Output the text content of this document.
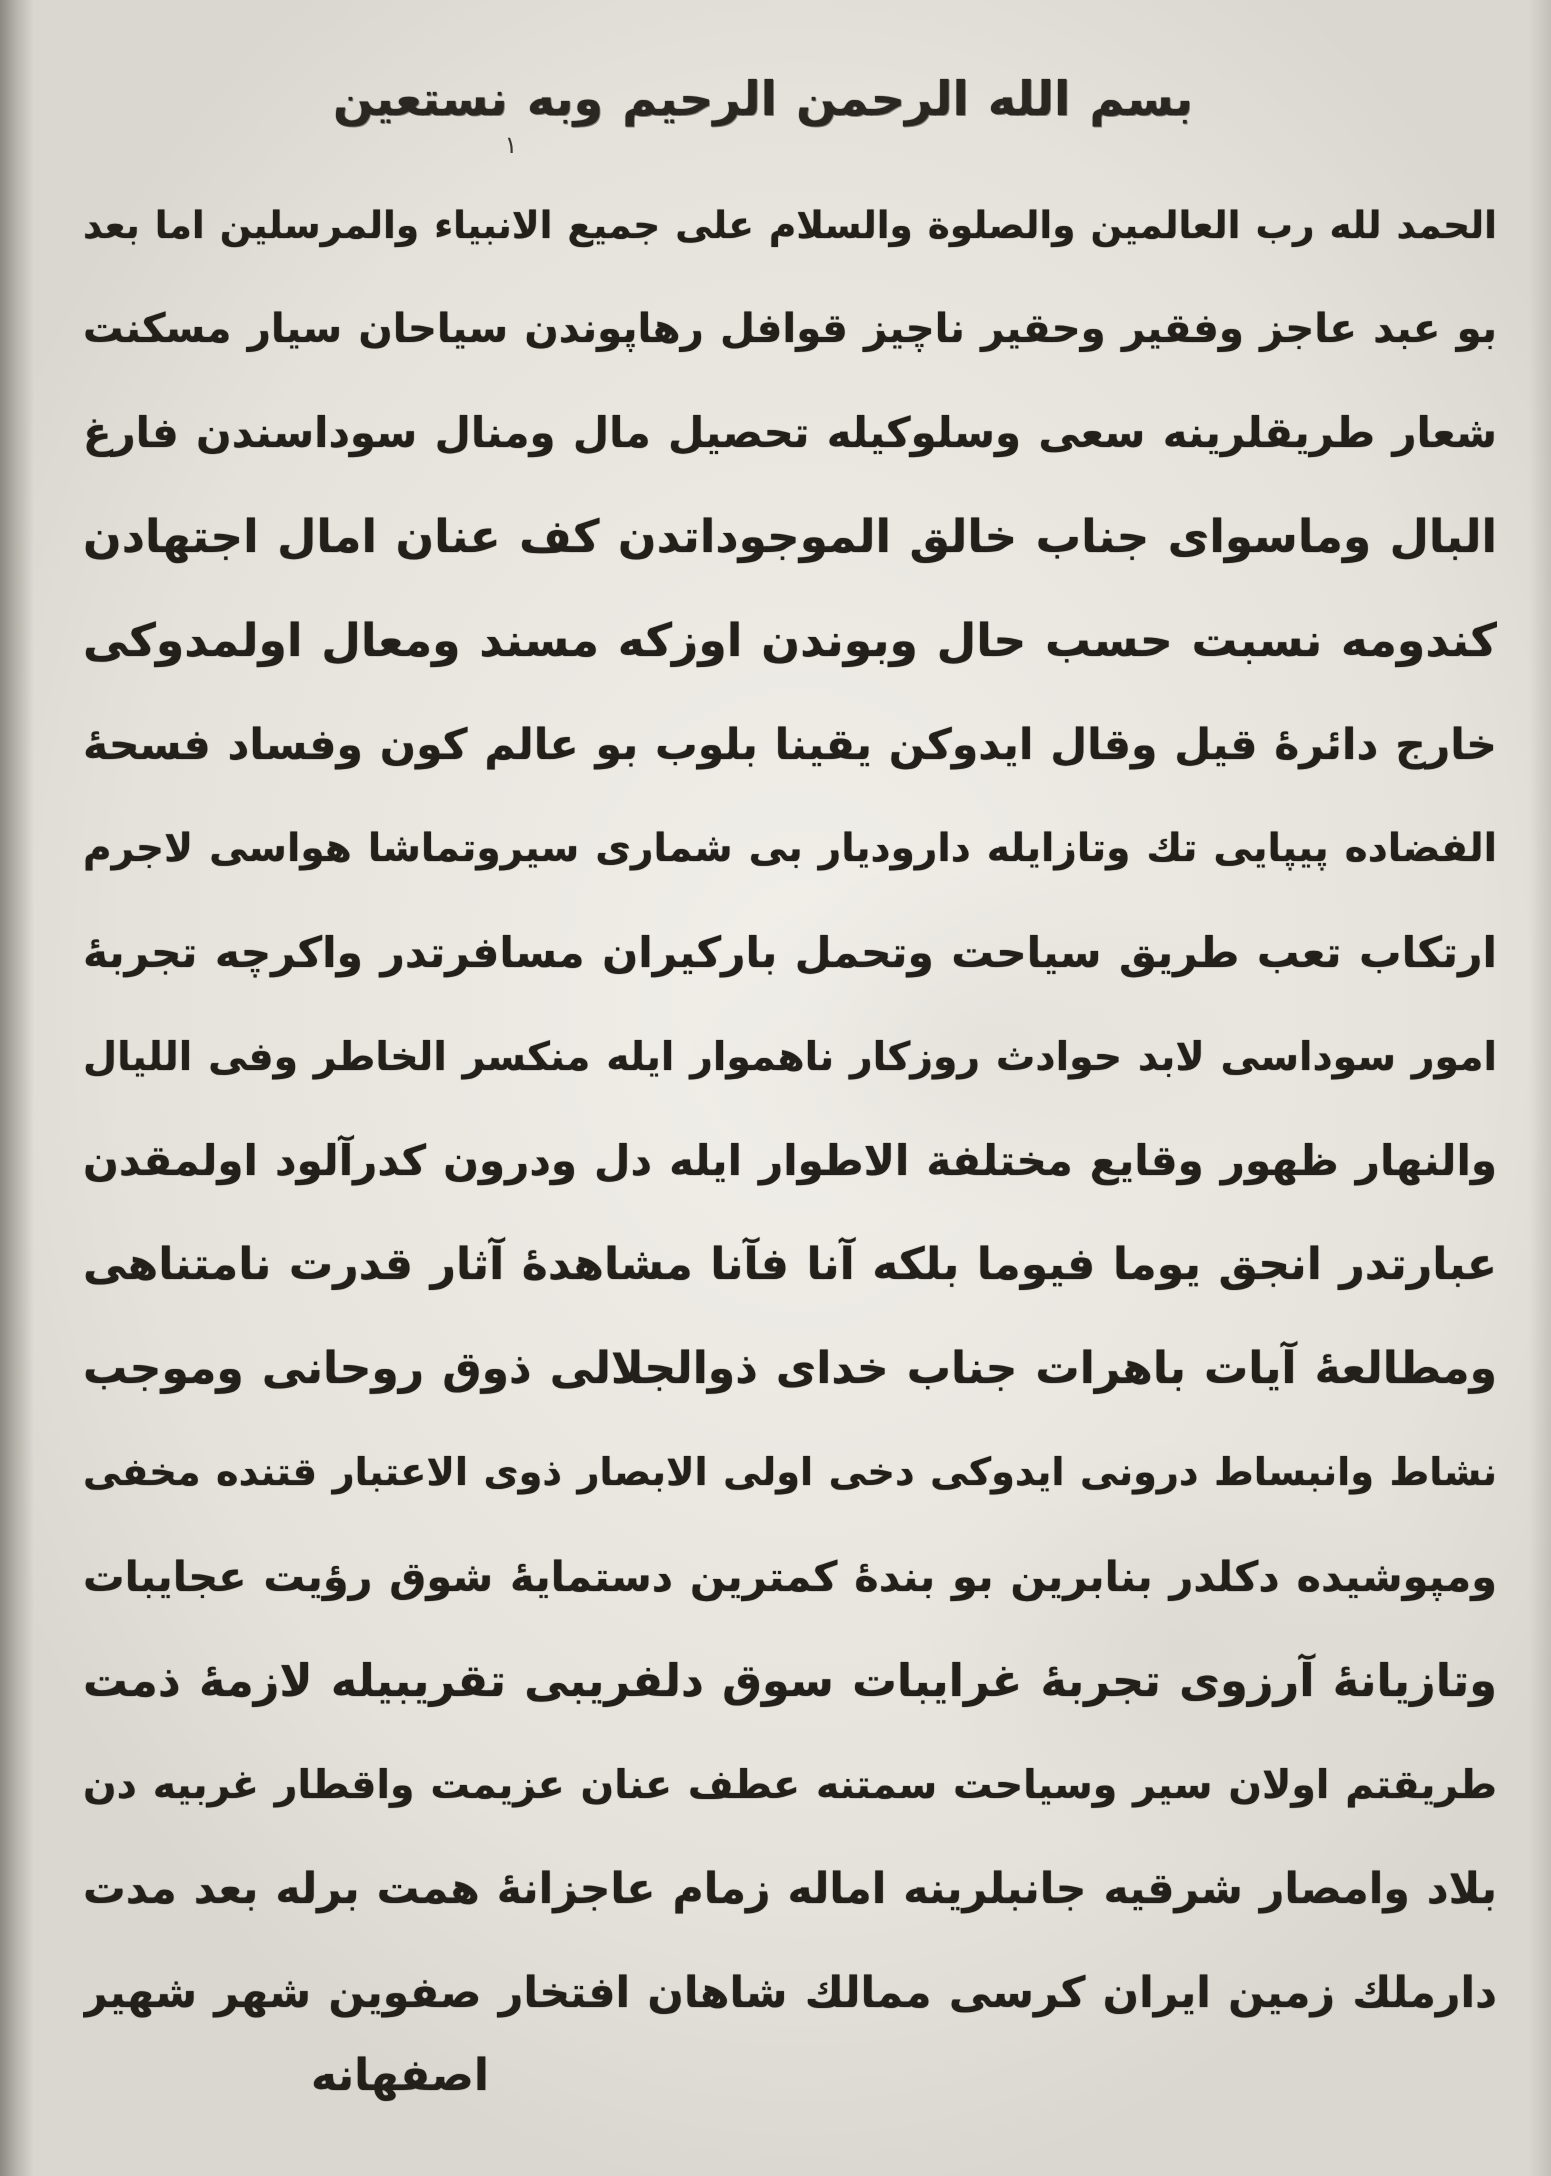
بسم الله الرحمن الرحيم وبه نستعين
١
الحمد لله رب العالمين والصلوة والسلام على جميع الانبياء والمرسلين اما بعد
بو عبد عاجز وفقیر وحقیر ناچیز قوافل رهاپوندن سیاحان سیار مسکنت
شعار طریقلرینه سعی وسلوکیله تحصیل مال ومنال سوداسندن فارغ
البال وماسوای جناب خالق الموجوداتدن کف عنان امال اجتهادن
کندومه نسبت حسب حال وبوندن اوزکه مسند ومعال اولمدوکی
خارج دائرۀ قیل وقال ایدوکن یقینا بلوب بو عالم کون وفساد فسحۀ
الفضاده پیپایی تك وتازایله دارودیار بی شماری سیروتماشا هواسی لاجرم
ارتکاب تعب طریق سیاحت وتحمل بارکیران مسافرتدر واکرچه تجربۀ
امور سوداسی لابد حوادث روزکار ناهموار ایله منکسر الخاطر وفی اللیال
والنهار ظهور وقایع مختلفة الاطوار ایله دل ودرون کدرآلود اولمقدن
عبارتدر انجق یوما فیوما بلکه آنا فآنا مشاهدۀ آثار قدرت نامتناهی
ومطالعۀ آیات باهرات جناب خدای ذوالجلالی ذوق روحانی وموجب
نشاط وانبساط درونی ایدوکی دخی اولی الابصار ذوی الاعتبار قتنده مخفی
ومپوشیده دکلدر بنابرین بو بندۀ کمترین دستمایۀ شوق رؤیت عجایبات
وتازیانۀ آرزوی تجربۀ غرایبات سوق دلفریبی تقریبیله لازمۀ ذمت
طریقتم اولان سیر وسیاحت سمتنه عطف عنان عزیمت واقطار غربیه دن
بلاد وامصار شرقیه جانبلرینه اماله زمام عاجزانۀ همت برله بعد مدت
دارملك زمین ایران کرسی ممالك شاهان افتخار صفوین شهر شهیر
اصفهانه
